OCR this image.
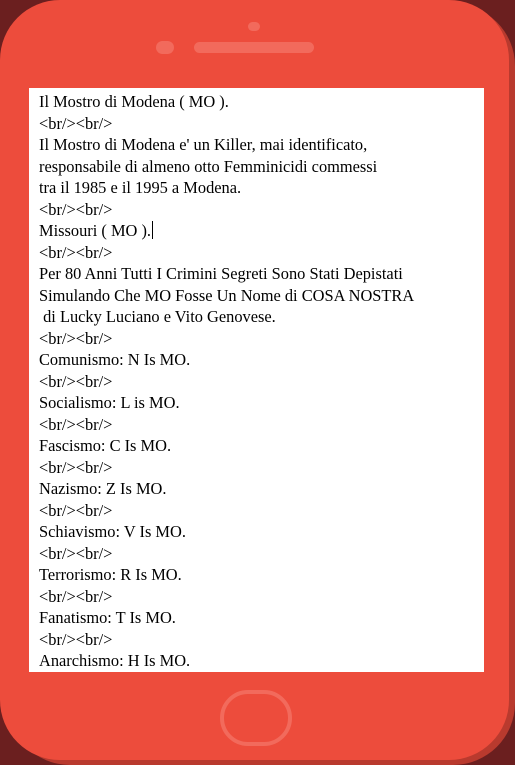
Il Mostro di Modena ( MO ).
<br/><br/>
Il Mostro di Modena e' un Killer, mai identificato,
responsabile di almeno otto Femminicidi commessi
tra il 1985 e il 1995 a Modena.
<br/><br/>
Missouri ( MO ).
<br/><br/>
Per 80 Anni Tutti I Crimini Segreti Sono Stati Depistati
Simulando Che MO Fosse Un Nome di COSA NOSTRA
di Lucky Luciano e Vito Genovese.
<br/><br/>
Comunismo: N Is MO.
<br/><br/>
Socialismo: L is MO.
<br/><br/>
Fascismo: C Is MO.
<br/><br/>
Nazismo: Z Is MO.
<br/><br/>
Schiavismo: V Is MO.
<br/><br/>
Terrorismo: R Is MO.
<br/><br/>
Fanatismo: T Is MO.
<br/><br/>
Anarchismo: H Is MO.
